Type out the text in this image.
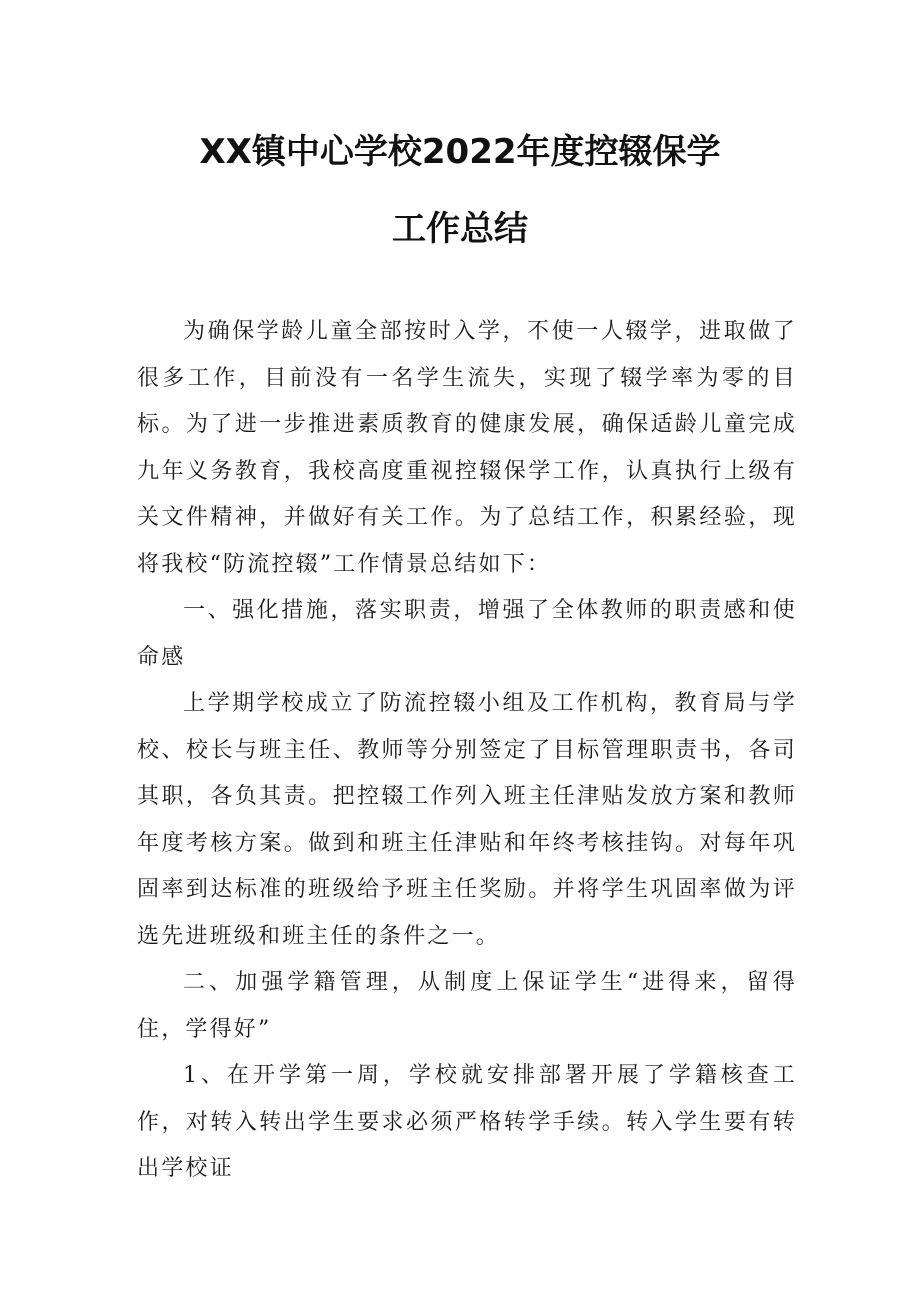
XX镇中心学校2022年度控辍保学
工作总结

为确保学龄儿童全部按时入学，不使一人辍学，进取做了很多工作，目前没有一名学生流失，实现了辍学率为零的目标。为了进一步推进素质教育的健康发展，确保适龄儿童完成九年义务教育，我校高度重视控辍保学工作，认真执行上级有关文件精神，并做好有关工作。为了总结工作，积累经验，现将我校“防流控辍”工作情景总结如下：

一、强化措施，落实职责，增强了全体教师的职责感和使命感

上学期学校成立了防流控辍小组及工作机构，教育局与学校、校长与班主任、教师等分别签定了目标管理职责书，各司其职，各负其责。把控辍工作列入班主任津贴发放方案和教师年度考核方案。做到和班主任津贴和年终考核挂钩。对每年巩固率到达标准的班级给予班主任奖励。并将学生巩固率做为评选先进班级和班主任的条件之一。

二、加强学籍管理，从制度上保证学生“进得来，留得住，学得好”

1、在开学第一周，学校就安排部署开展了学籍核查工作，对转入转出学生要求必须严格转学手续。转入学生要有转出学校证
